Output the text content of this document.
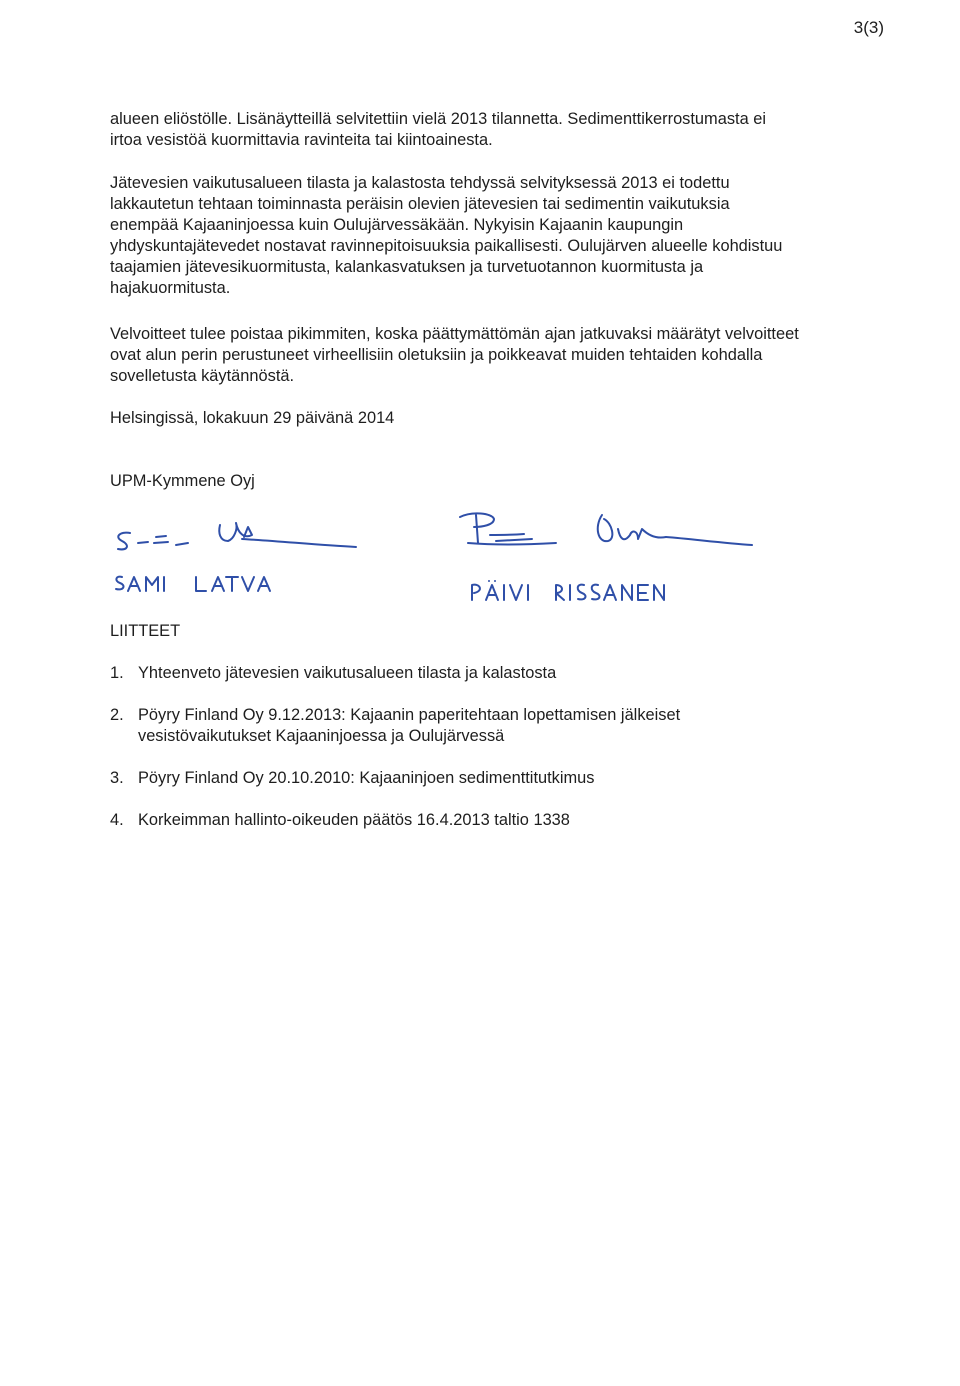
3(3)
alueen eliöstölle. Lisänäytteillä selvitettiin vielä 2013 tilannetta. Sedimenttikerrostumasta ei
irtoa vesistöä kuormittavia ravinteita tai kiintoainesta.
Jätevesien vaikutusalueen tilasta ja kalastosta tehdyssä selvityksessä 2013 ei todettu
lakkautetun tehtaan toiminnasta peräisin olevien jätevesien tai sedimentin vaikutuksia
enempää Kajaaninjoessa kuin Oulujärvessäkään. Nykyisin Kajaanin kaupungin
yhdyskuntajätevedet nostavat ravinnepitoisuuksia paikallisesti. Oulujärven alueelle kohdistuu
taajamien jätevesikuormitusta, kalankasvatuksen ja turvetuotannon kuormitusta ja
hajakuormitusta.
Velvoitteet tulee poistaa pikimmiten, koska päättymättömän ajan jatkuvaksi määrätyt velvoitteet
ovat alun perin perustuneet virheellisiin oletuksiin ja poikkeavat muiden tehtaiden kohdalla
sovelletusta käytännöstä.
Helsingissä, lokakuun 29 päivänä 2014
UPM-Kymmene Oyj
LIITTEET
1. Yhteenveto jätevesien vaikutusalueen tilasta ja kalastosta
2. Pöyry Finland Oy 9.12.2013: Kajaanin paperitehtaan lopettamisen jälkeiset
vesistövaikutukset Kajaaninjoessa ja Oulujärvessä
3. Pöyry Finland Oy 20.10.2010: Kajaaninjoen sedimenttitutkimus
4. Korkeimman hallinto-oikeuden päätös 16.4.2013 taltio 1338
